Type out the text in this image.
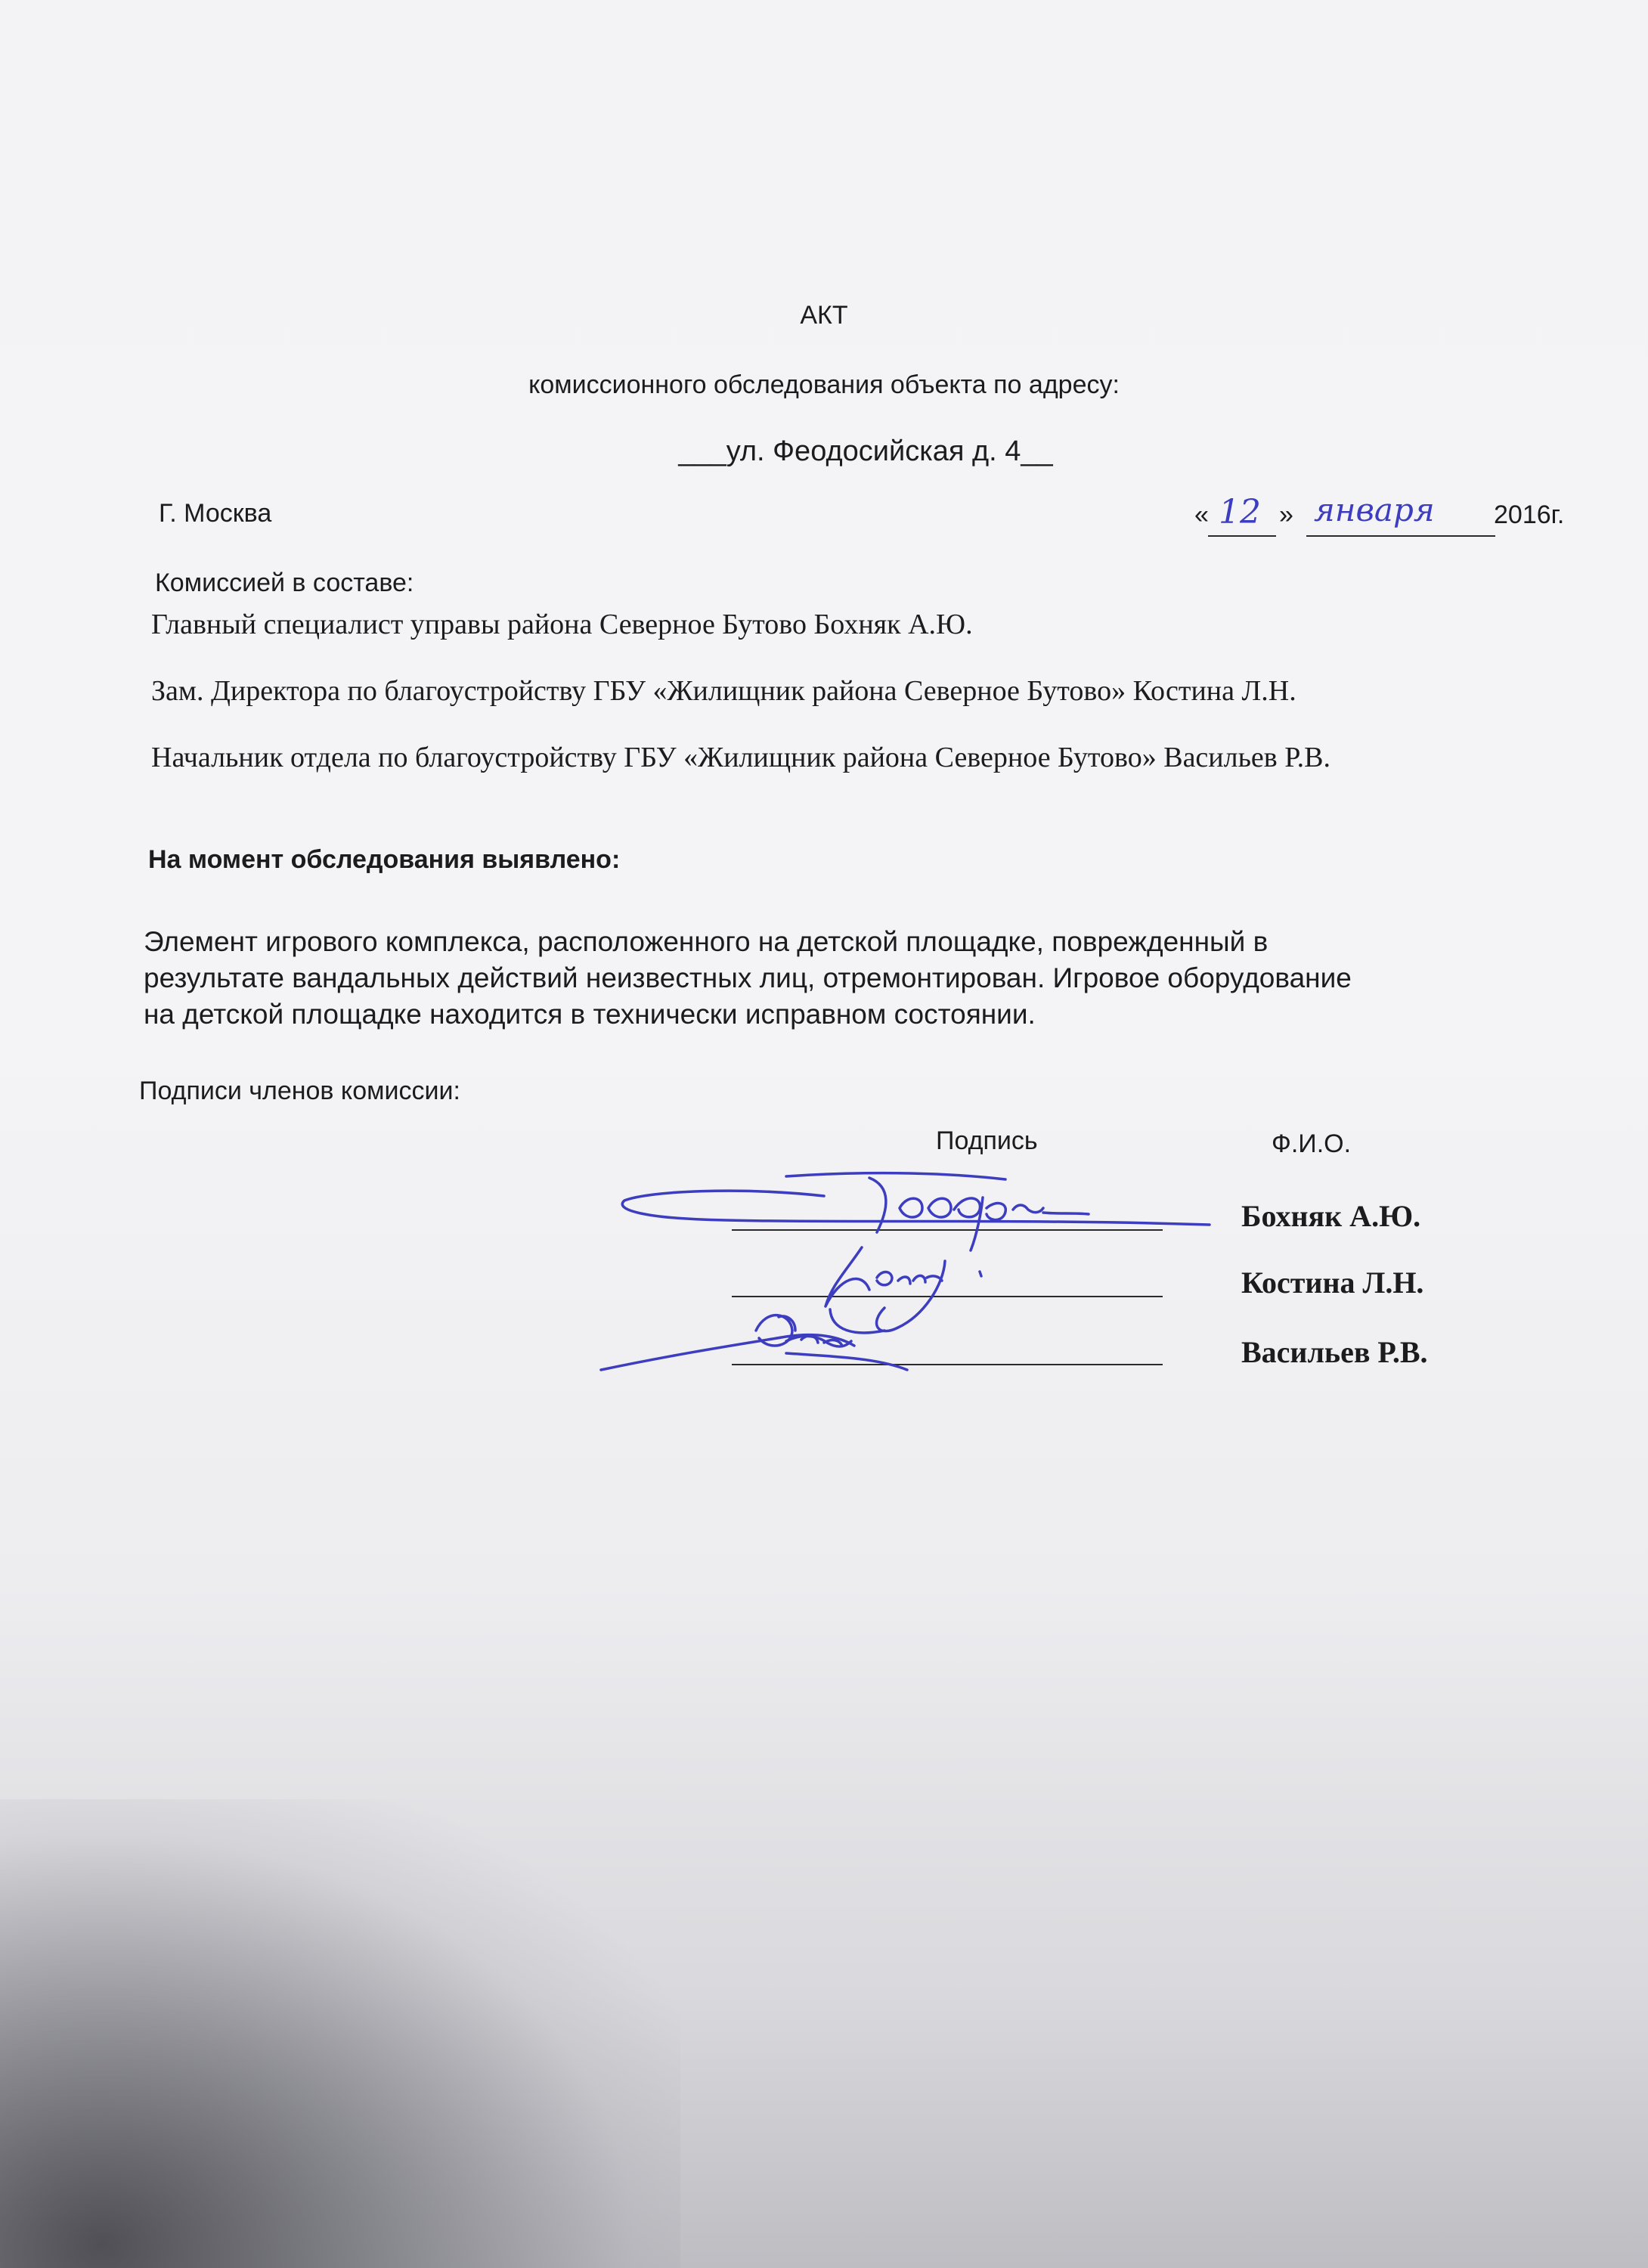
АКТ
комиссионного обследования объекта по адресу:
___ул. Феодосийская д. 4__
Г. Москва	« 12 » января 2016г.
Комиссией в составе:
Главный специалист управы района Северное Бутово Бохняк А.Ю.
Зам. Директора по благоустройству ГБУ «Жилищник района Северное Бутово» Костина Л.Н.
Начальник отдела по благоустройству ГБУ «Жилищник района Северное Бутово» Васильев Р.В.
На момент обследования выявлено:

Элемент игрового комплекса, расположенного на детской площадке, поврежденный в

результате вандальных действий неизвестных лиц, отремонтирован. Игровое оборудование

на детской площадке находится в технически исправном состоянии.

Подписи членов комиссии:
Подпись	Ф.И.О.
Бохняк А.Ю.
Костина Л.Н.
Васильев Р.В.
